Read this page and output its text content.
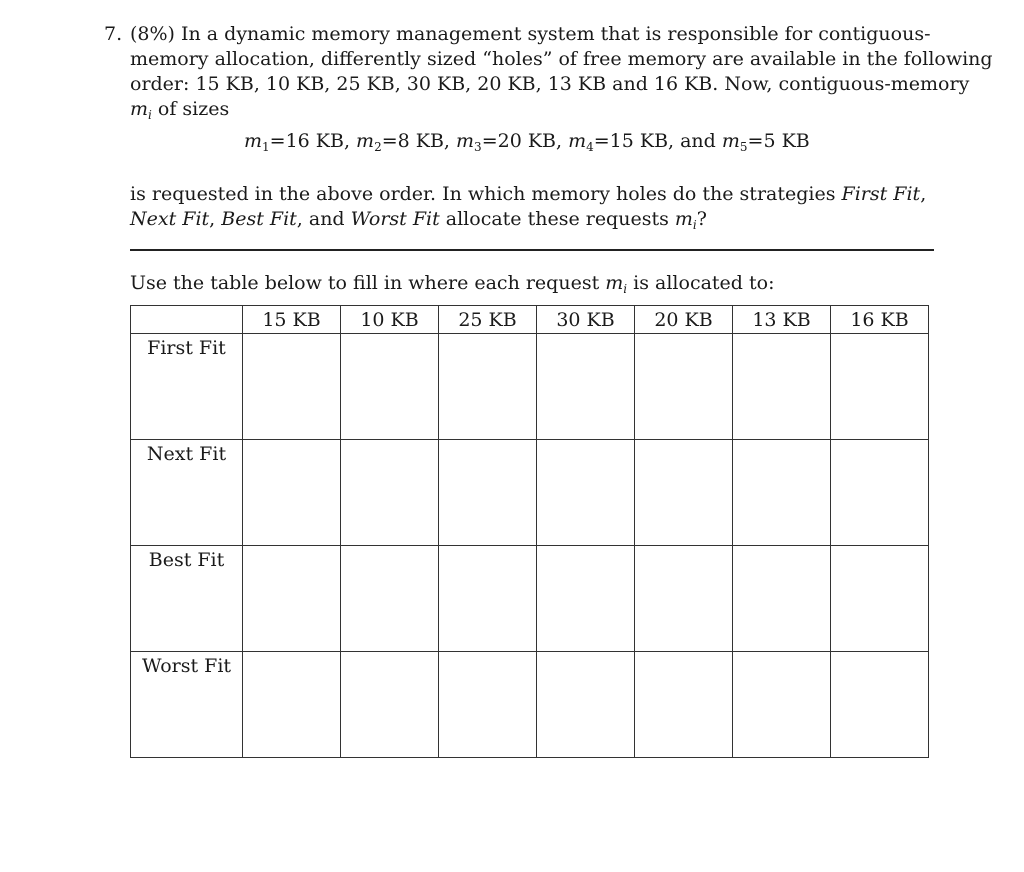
7. (8%) In a dynamic memory management system that is responsible for contiguous-
memory allocation, differently sized “holes” of free memory are available in the following
order: 15 KB, 10 KB, 25 KB, 30 KB, 20 KB, 13 KB and 16 KB. Now, contiguous-memory
$m_i$ of sizes
$m_1=16$ KB, $m_2=8$ KB, $m_3=20$ KB, $m_4=15$ KB, and $m_5=5$ KB
is requested in the above order. In which memory holes do the strategies First Fit,
Next Fit, Best Fit, and Worst Fit allocate these requests $m_i$?
Use the table below to fill in where each request $m_i$ is allocated to:
	15 KB	10 KB	25 KB	30 KB	20 KB	13 KB	16 KB
First Fit							
Next Fit							
Best Fit							
Worst Fit							
